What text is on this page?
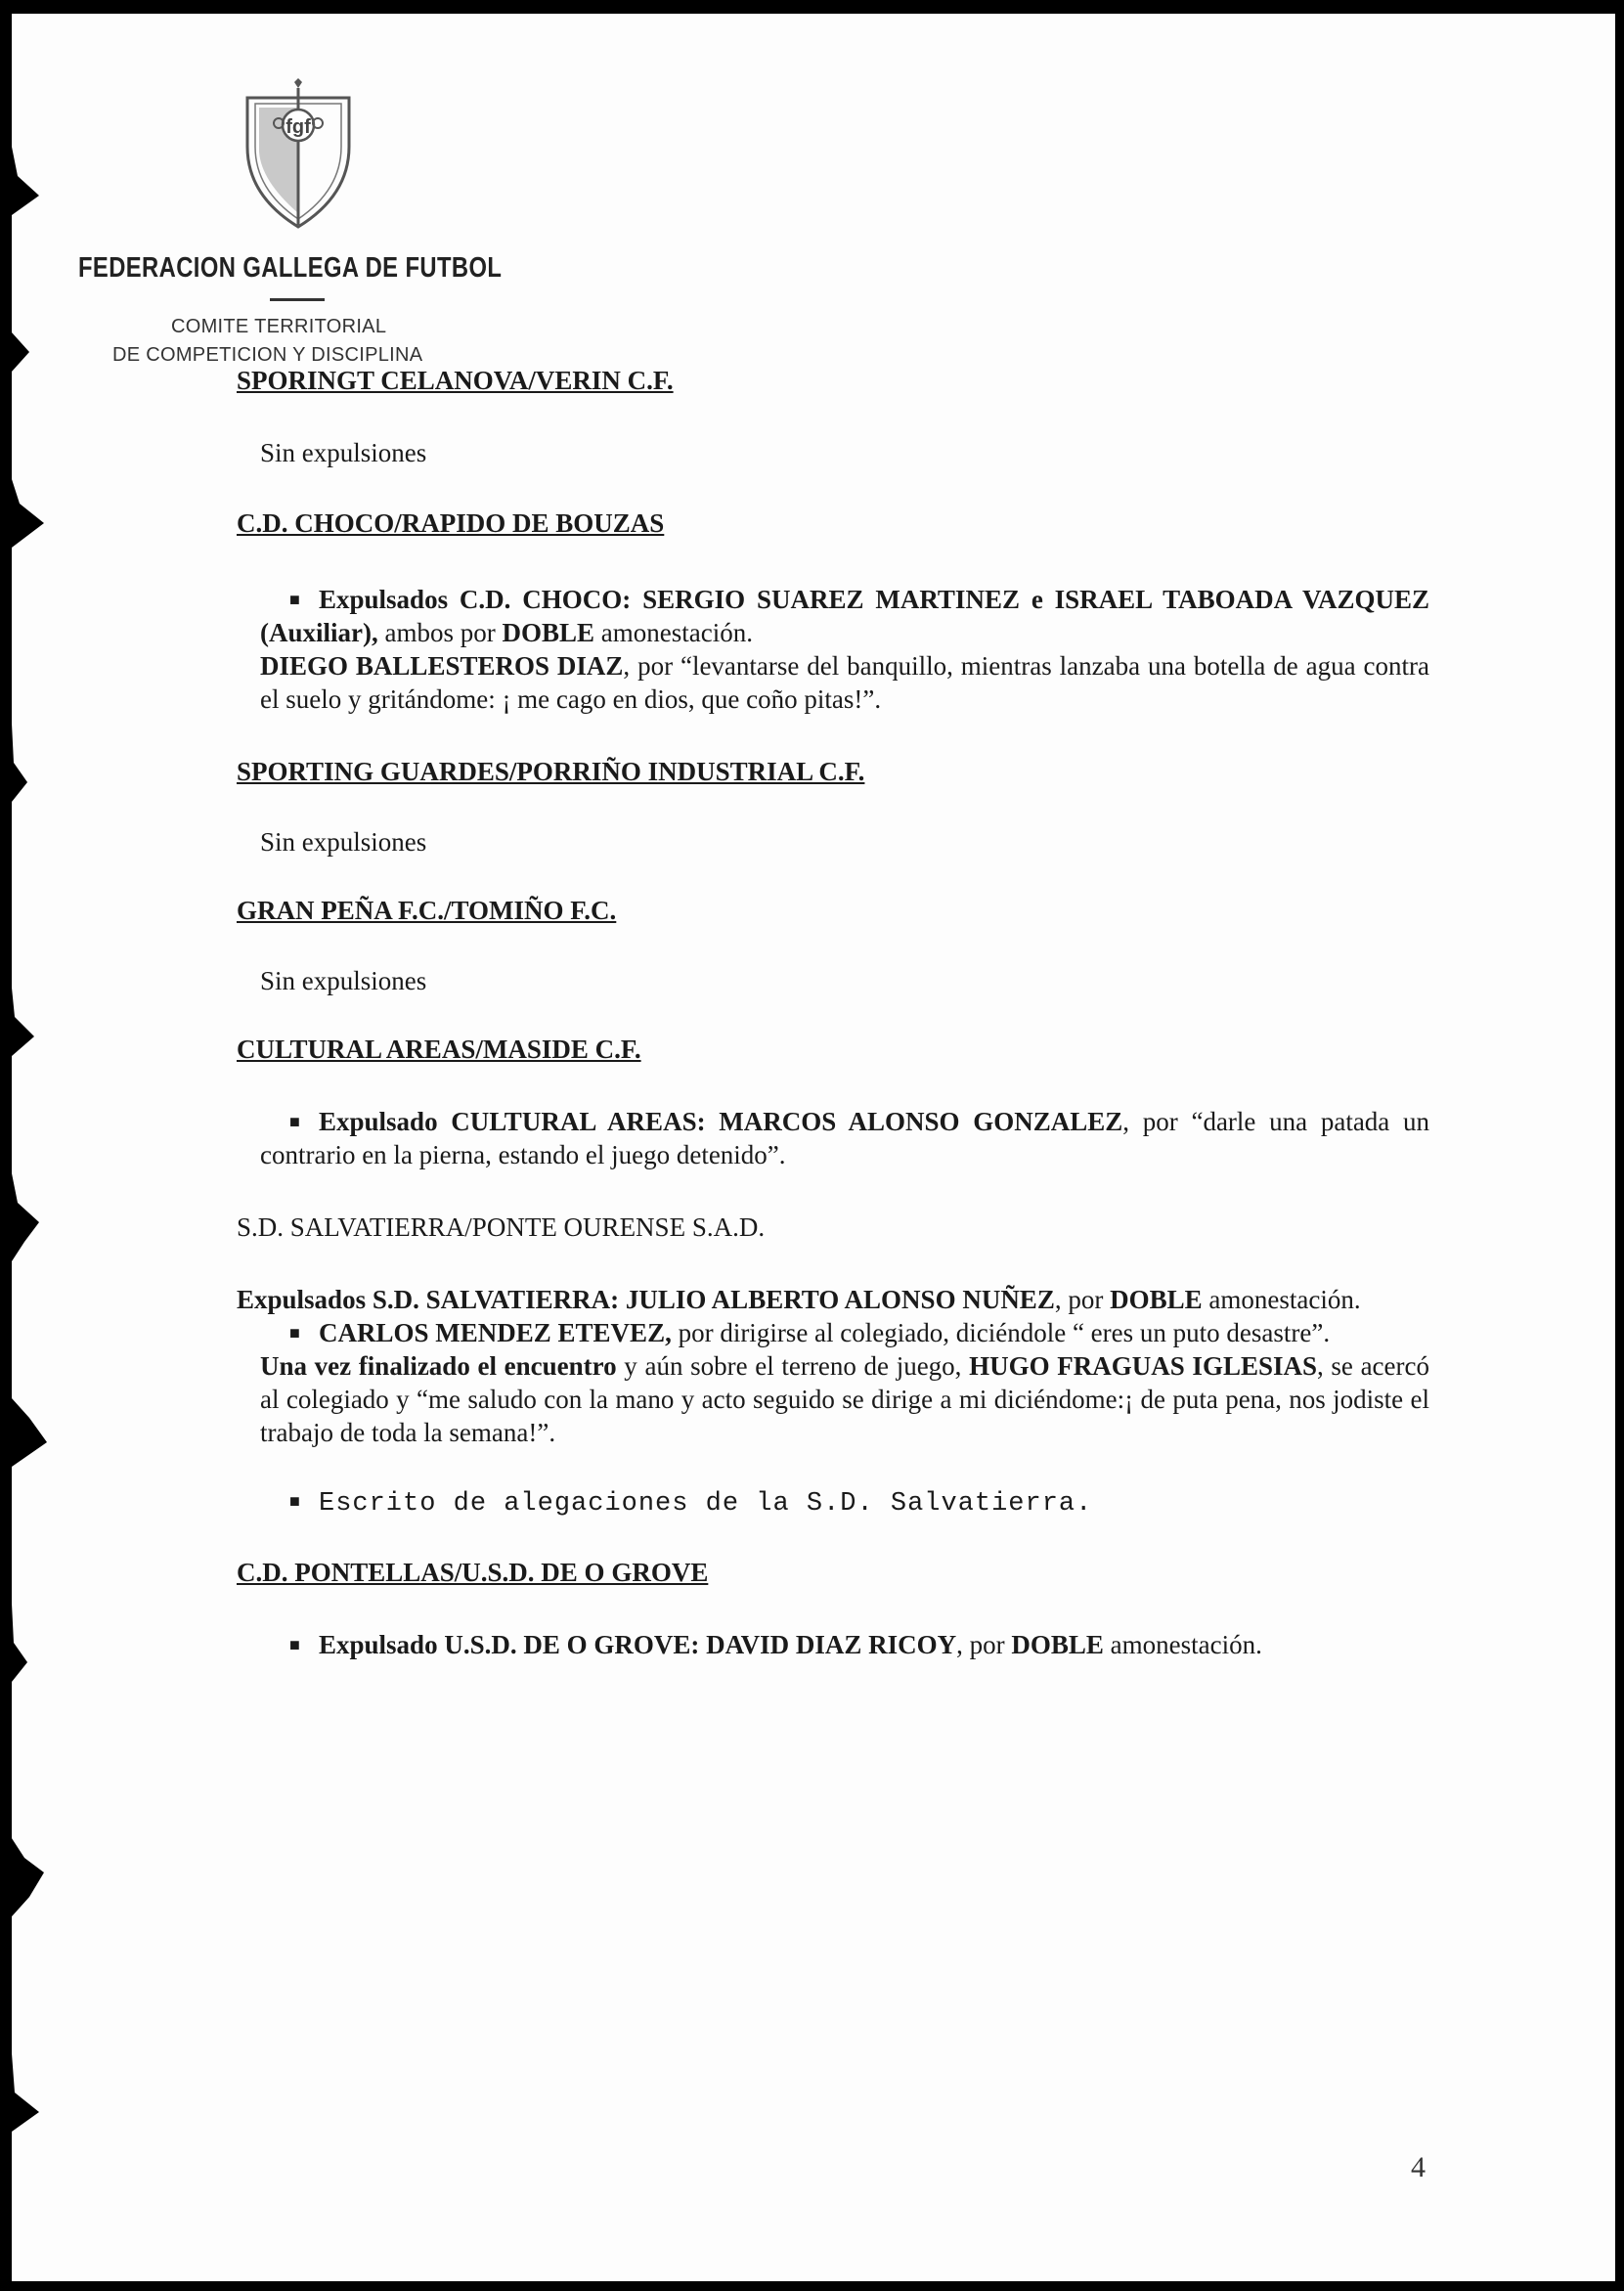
fgf
FEDERACION GALLEGA DE FUTBOL
COMITE TERRITORIAL
DE COMPETICION Y DISCIPLINA

SPORINGT CELANOVA/VERIN C.F.

Sin expulsiones

C.D. CHOCO/RAPIDO DE BOUZAS

■ Expulsados C.D. CHOCO: SERGIO SUAREZ MARTINEZ e ISRAEL TABOADA VAZQUEZ (Auxiliar), ambos por DOBLE amonestación.

DIEGO BALLESTEROS DIAZ, por “levantarse del banquillo, mientras lanzaba una botella de agua contra el suelo y gritándome: ¡ me cago en dios, que coño pitas!”.

SPORTING GUARDES/PORRIÑO INDUSTRIAL C.F.

Sin expulsiones

GRAN PEÑA F.C./TOMIÑO F.C.

Sin expulsiones

CULTURAL AREAS/MASIDE C.F.

■ Expulsado CULTURAL AREAS: MARCOS ALONSO GONZALEZ, por “darle una patada un contrario en la pierna, estando el juego detenido”.

S.D. SALVATIERRA/PONTE OURENSE S.A.D.

Expulsados S.D. SALVATIERRA: JULIO ALBERTO ALONSO NUÑEZ, por DOBLE amonestación.

■ CARLOS MENDEZ ETEVEZ, por dirigirse al colegiado, diciéndole “ eres un puto desastre”.

Una vez finalizado el encuentro y aún sobre el terreno de juego, HUGO FRAGUAS IGLESIAS, se acercó al colegiado y “me saludo con la mano y acto seguido se dirige a mi diciéndome:¡ de puta pena, nos jodiste el trabajo de toda la semana!”.

■ Escrito de alegaciones de la S.D. Salvatierra.

C.D. PONTELLAS/U.S.D. DE O GROVE

■ Expulsado U.S.D. DE O GROVE: DAVID DIAZ RICOY, por DOBLE amonestación.

4
